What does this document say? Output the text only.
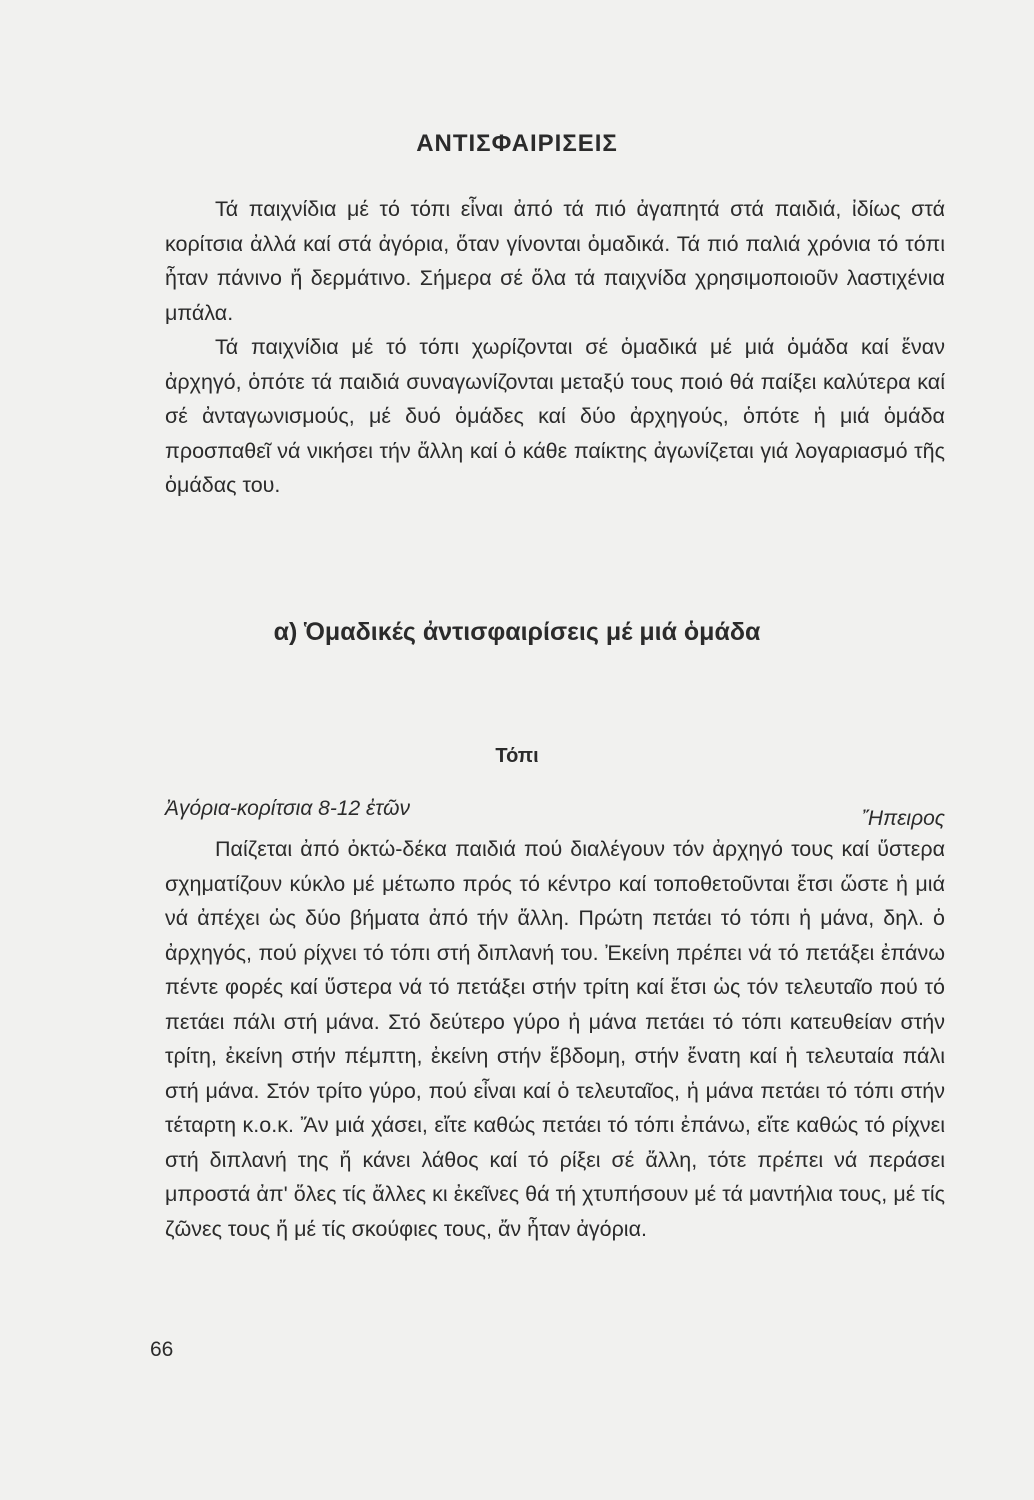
ΑΝΤΙΣΦΑΙΡΙΣΕΙΣ

Τά παιχνίδια μέ τό τόπι εἶναι ἀπό τά πιό ἀγαπητά στά παιδιά, ἰδίως στά κορίτσια ἀλλά καί στά ἀγόρια, ὅταν γίνονται ὁμαδικά. Τά πιό παλιά χρόνια τό τόπι ἦταν πάνινο ἤ δερμάτινο. Σήμερα σέ ὅλα τά παιχνίδα χρησιμοποιοῦν λαστιχένια μπάλα.

Τά παιχνίδια μέ τό τόπι χωρίζονται σέ ὁμαδικά μέ μιά ὁμάδα καί ἕναν ἀρχηγό, ὁπότε τά παιδιά συναγωνίζονται μεταξύ τους ποιό θά παίξει καλύτερα καί σέ ἀνταγωνισμούς, μέ δυό ὁμάδες καί δύο ἀρχηγούς, ὁπότε ἡ μιά ὁμάδα προσπαθεῖ νά νικήσει τήν ἄλλη καί ὁ κάθε παίκτης ἀγωνίζεται γιά λογαριασμό τῆς ὁμάδας του.

α) Ὁμαδικές ἀντισφαιρίσεις μέ μιά ὁμάδα
Τόπι
Ἀγόρια-κορίτσια 8-12 ἐτῶν	Ἤπειρος

Παίζεται ἀπό ὀκτώ-δέκα παιδιά πού διαλέγουν τόν ἀρχηγό τους καί ὕστερα σχηματίζουν κύκλο μέ μέτωπο πρός τό κέντρο καί τοποθετοῦνται ἔτσι ὥστε ἡ μιά νά ἀπέχει ὡς δύο βήματα ἀπό τήν ἄλλη. Πρώτη πετάει τό τόπι ἡ μάνα, δηλ. ὁ ἀρχηγός, πού ρίχνει τό τόπι στή διπλανή του. Ἐκείνη πρέπει νά τό πετάξει ἐπάνω πέντε φορές καί ὕστερα νά τό πετάξει στήν τρίτη καί ἔτσι ὡς τόν τελευταῖο πού τό πετάει πάλι στή μάνα. Στό δεύτερο γύρο ἡ μάνα πετάει τό τόπι κατευθείαν στήν τρίτη, ἐκείνη στήν πέμπτη, ἐκείνη στήν ἕβδομη, στήν ἔνατη καί ἡ τελευταία πάλι στή μάνα. Στόν τρίτο γύρο, πού εἶναι καί ὁ τελευταῖος, ἡ μάνα πετάει τό τόπι στήν τέταρτη κ.ο.κ. Ἄν μιά χάσει, εἴτε καθώς πετάει τό τόπι ἐπάνω, εἴτε καθώς τό ρίχνει στή διπλανή της ἤ κάνει λάθος καί τό ρίξει σέ ἄλλη, τότε πρέπει νά περάσει μπροστά ἀπ' ὅλες τίς ἄλλες κι ἐκεῖνες θά τή χτυπήσουν μέ τά μαντήλια τους, μέ τίς ζῶνες τους ἤ μέ τίς σκούφιες τους, ἄν ἦταν ἀγόρια.

66
